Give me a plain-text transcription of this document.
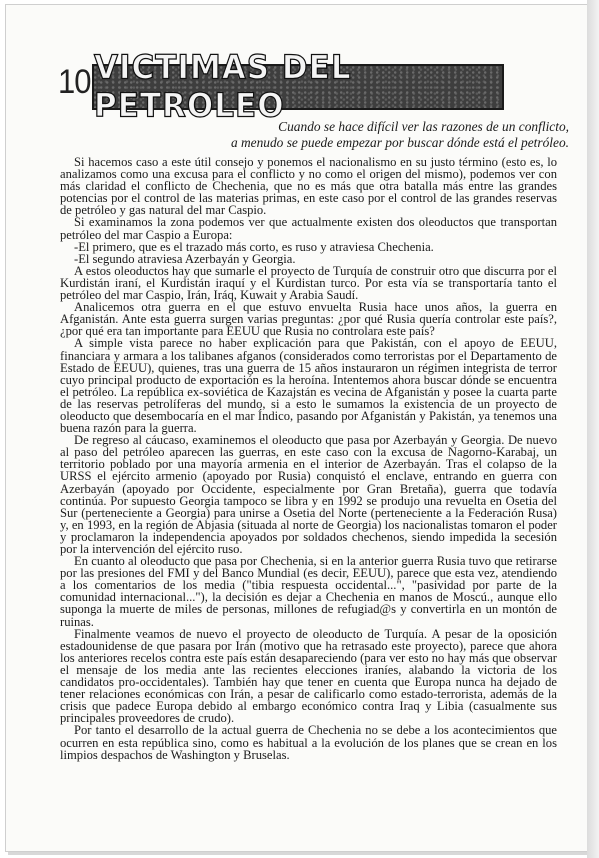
10 VICTIMAS DEL PETROLEO
Cuando se hace difícil ver las razones de un conflicto,
a menudo se puede empezar por buscar dónde está el petróleo.

Si hacemos caso a este útil consejo y ponemos el nacionalismo en su justo término (esto es, lo analizamos como una excusa para el conflicto y no como el origen del mismo), podemos ver con más claridad el conflicto de Chechenia, que no es más que otra batalla más entre las grandes potencias por el control de las materias primas, en este caso por el control de las grandes reservas de petróleo y gas natural del mar Caspio.

Si examinamos la zona podemos ver que actualmente existen dos oleoductos que transportan petróleo del mar Caspio a Europa:

-El primero, que es el trazado más corto, es ruso y atraviesa Chechenia.

-El segundo atraviesa Azerbayán y Georgia.

A estos oleoductos hay que sumarle el proyecto de Turquía de construir otro que discurra por el Kurdistán iraní, el Kurdistán iraquí y el Kurdistan turco. Por esta vía se transportaría tanto el petróleo del mar Caspio, Irán, Iráq, Kuwait y Arabia Saudí.

Analicemos otra guerra en el que estuvo envuelta Rusia hace unos años, la guerra en Afganistán. Ante esta guerra surgen varias preguntas: ¿por qué Rusia quería controlar este país?, ¿por qué era tan importante para EEUU que Rusia no controlara este país?

A simple vista parece no haber explicación para que Pakistán, con el apoyo de EEUU, financiara y armara a los talibanes afganos (considerados como terroristas por el Departamento de Estado de EEUU), quienes, tras una guerra de 15 años instauraron un régimen integrista de terror cuyo principal producto de exportación es la heroína. Intentemos ahora buscar dónde se encuentra el petróleo. La república ex-soviética de Kazajstán es vecina de Afganistán y posee la cuarta parte de las reservas petrolíferas del mundo, si a esto le sumamos la existencia de un proyecto de oleoducto que desembocaría en el mar Índico, pasando por Afganistán y Pakistán, ya tenemos una buena razón para la guerra.

De regreso al cáucaso, examinemos el oleoducto que pasa por Azerbayán y Georgia. De nuevo al paso del petróleo aparecen las guerras, en este caso con la excusa de Nagorno-Karabaj, un territorio poblado por una mayoría armenia en el interior de Azerbayán. Tras el colapso de la URSS el ejército armenio (apoyado por Rusia) conquistó el enclave, entrando en guerra con Azerbayán (apoyado por Occidente, especialmente por Gran Bretaña), guerra que todavía continúa. Por supuesto Georgia tampoco se libra y en 1992 se produjo una revuelta en Osetia del Sur (perteneciente a Georgia) para unirse a Osetia del Norte (perteneciente a la Federación Rusa) y, en 1993, en la región de Abjasia (situada al norte de Georgia) los nacionalistas tomaron el poder y proclamaron la independencia apoyados por soldados chechenos, siendo impedida la secesión por la intervención del ejército ruso.

En cuanto al oleoducto que pasa por Chechenia, si en la anterior guerra Rusia tuvo que retirarse por las presiones del FMI y del Banco Mundial (es decir, EEUU), parece que esta vez, atendiendo a los comentarios de los media ("tibia respuesta occidental...", "pasividad por parte de la comunidad internacional..."), la decisión es dejar a Chechenia en manos de Moscú., aunque ello suponga la muerte de miles de personas, millones de refugiad@s y convertirla en un montón de ruinas.

Finalmente veamos de nuevo el proyecto de oleoducto de Turquía. A pesar de la oposición estadounidense de que pasara por Irán (motivo que ha retrasado este proyecto), parece que ahora los anteriores recelos contra este país están desapareciendo (para ver esto no hay más que observar el mensaje de los media ante las recientes elecciones iraníes, alabando la victoria de los candidatos pro-occidentales). También hay que tener en cuenta que Europa nunca ha dejado de tener relaciones económicas con Irán, a pesar de calificarlo como estado-terrorista, además de la crisis que padece Europa debido al embargo económico contra Iraq y Libia (casualmente sus principales proveedores de crudo).

Por tanto el desarrollo de la actual guerra de Chechenia no se debe a los acontecimientos que ocurren en esta república sino, como es habitual a la evolución de los planes que se crean en los limpios despachos de Washington y Bruselas.
